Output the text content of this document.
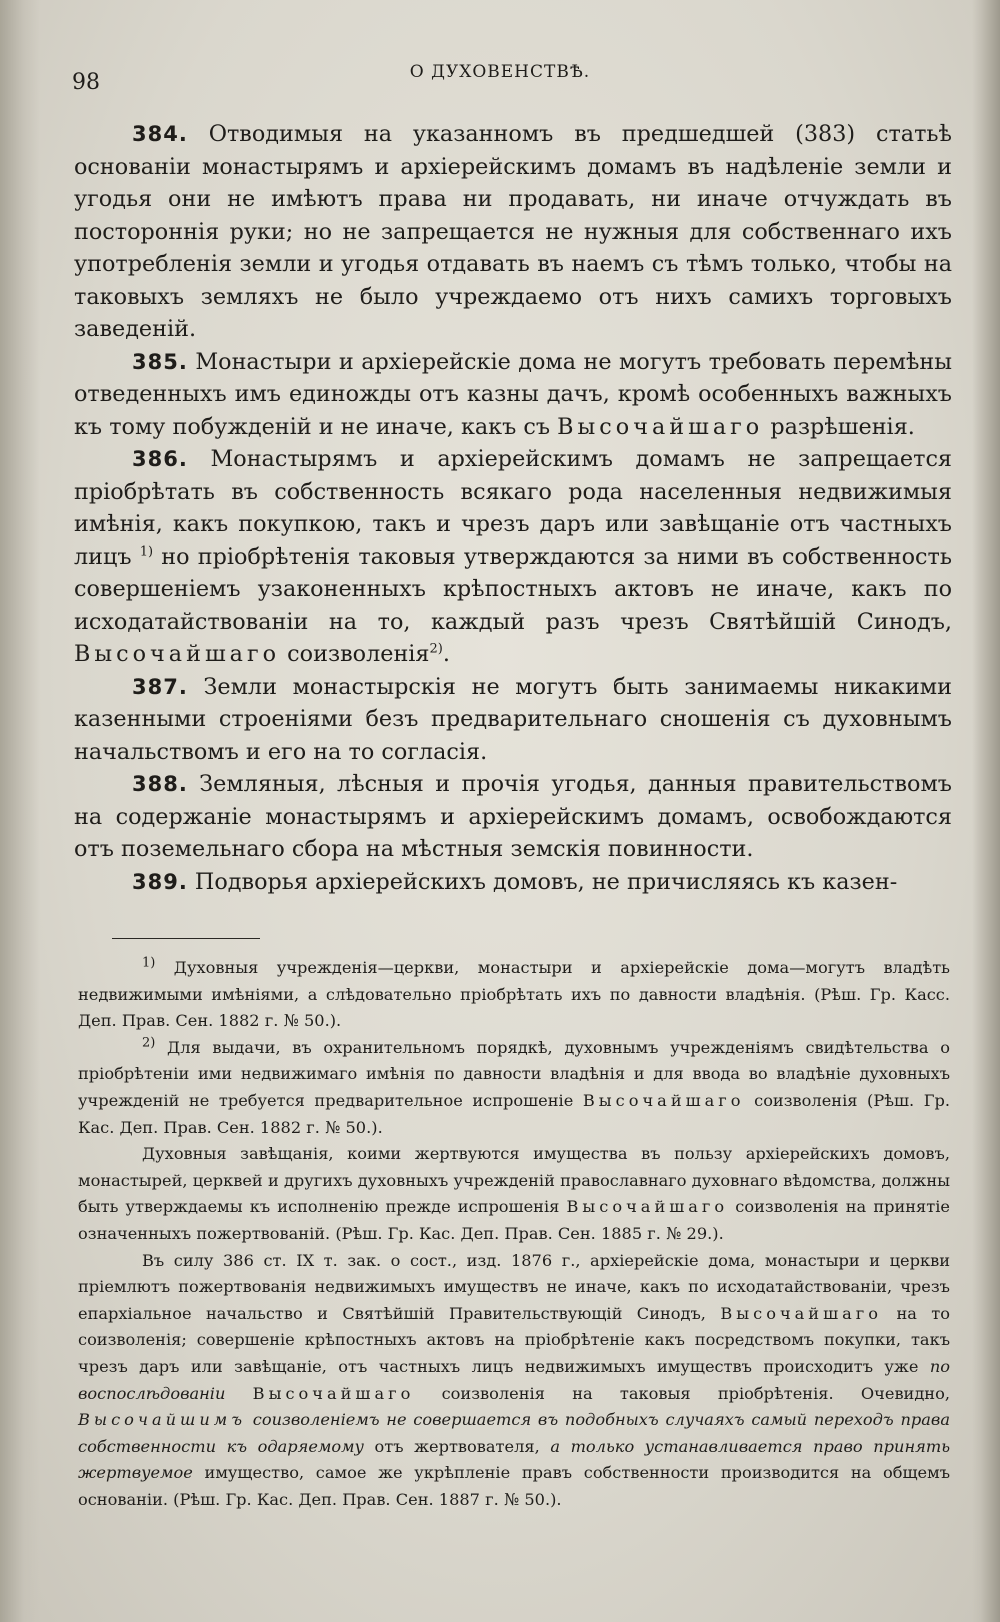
98	О ДУХОВЕНСТВѢ.

384. Отводимыя на указанномъ въ предшедшей (383) статьѣ основаніи монастырямъ и архіерейскимъ домамъ въ надѣленіе земли и угодья они не имѣютъ права ни продавать, ни иначе отчуждать въ постороннія руки; но не запрещается не нужныя для собственнаго ихъ употребленія земли и угодья отдавать въ наемъ съ тѣмъ только, чтобы на таковыхъ земляхъ не было учреждаемо отъ нихъ самихъ торговыхъ заведеній.

385. Монастыри и архіерейскіе дома не могутъ требовать перемѣны отведенныхъ имъ единожды отъ казны дачъ, кромѣ особенныхъ важныхъ къ тому побужденій и не иначе, какъ съ Высочайшаго разрѣшенія.

386. Монастырямъ и архіерейскимъ домамъ не запрещается пріобрѣтать въ собственность всякаго рода населенныя недвижимыя имѣнія, какъ покупкою, такъ и чрезъ даръ или завѣщаніе отъ частныхъ лицъ $^{1)}$ но пріобрѣтенія таковыя утверждаются за ними въ собственность совершеніемъ узаконенныхъ крѣпостныхъ актовъ не иначе, какъ по исходатайствованіи на то, каждый разъ чрезъ Святѣйшій Синодъ, Высочайшаго соизволенія$^{2)}$.

387. Земли монастырскія не могутъ быть занимаемы никакими казенными строеніями безъ предварительнаго сношенія съ духовнымъ начальствомъ и его на то согласія.

388. Земляныя, лѣсныя и прочія угодья, данныя правительствомъ на содержаніе монастырямъ и архіерейскимъ домамъ, освобождаются отъ поземельнаго сбора на мѣстныя земскія повинности.

389. Подворья архіерейскихъ домовъ, не причисляясь къ казен-

$^{1)}$ Духовныя учрежденія—церкви, монастыри и архіерейскіе дома—могутъ владѣть недвижимыми имѣніями, а слѣдовательно пріобрѣтать ихъ по давности владѣнія. (Рѣш. Гр. Касс. Деп. Прав. Сен. 1882 г. № 50.).

$^{2)}$ Для выдачи, въ охранительномъ порядкѣ, духовнымъ учрежденіямъ свидѣтельства о пріобрѣтеніи ими недвижимаго имѣнія по давности владѣнія и для ввода во владѣніе духовныхъ учрежденій не требуется предварительное испрошеніе Высочайшаго соизволенія (Рѣш. Гр. Кас. Деп. Прав. Сен. 1882 г. № 50.).

Духовныя завѣщанія, коими жертвуются имущества въ пользу архіерейскихъ домовъ, монастырей, церквей и другихъ духовныхъ учрежденій православнаго духовнаго вѣдомства, должны быть утверждаемы къ исполненію прежде испрошенія Высочайшаго соизволенія на принятіе означенныхъ пожертвованій. (Рѣш. Гр. Кас. Деп. Прав. Сен. 1885 г. № 29.).

Въ силу 386 ст. IX т. зак. о сост., изд. 1876 г., архіерейскіе дома, монастыри и церкви пріемлютъ пожертвованія недвижимыхъ имуществъ не иначе, какъ по исходатайствованіи, чрезъ епархіальное начальство и Святѣйшій Правительствующій Синодъ, Высочайшаго на то соизволенія; совершеніе крѣпостныхъ актовъ на пріобрѣтеніе какъ посредствомъ покупки, такъ чрезъ даръ или завѣщаніе, отъ частныхъ лицъ недвижимыхъ имуществъ происходитъ уже по воспослѣдованіи Высочайшаго соизволенія на таковыя пріобрѣтенія. Очевидно, Высочайшимъ соизволеніемъ не совершается въ подобныхъ случаяхъ самый переходъ права собственности къ одаряемому отъ жертвователя, а только устанавливается право принять жертвуемое имущество, самое же укрѣпленіе правъ собственности производится на общемъ основаніи. (Рѣш. Гр. Кас. Деп. Прав. Сен. 1887 г. № 50.).
